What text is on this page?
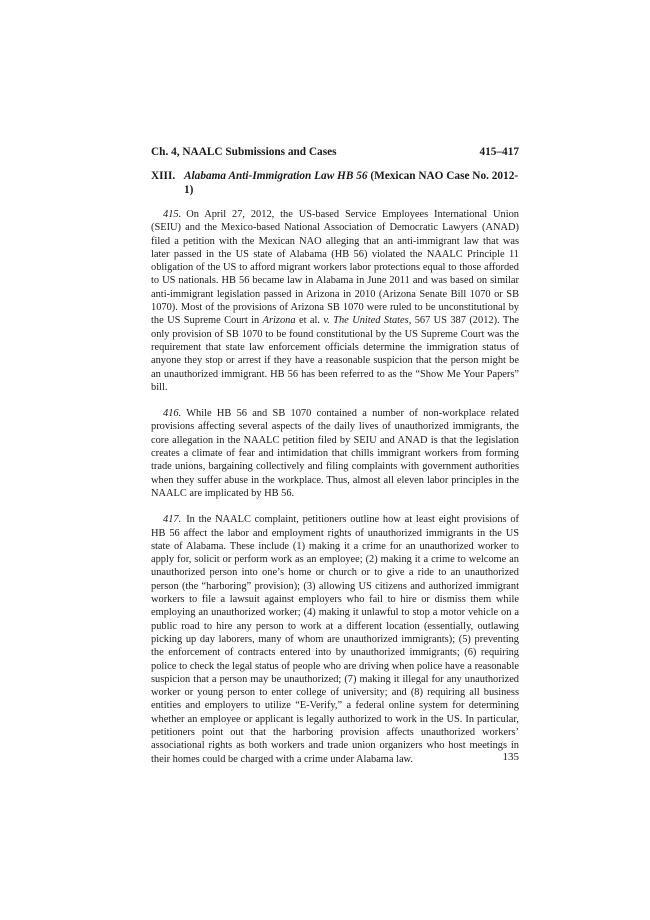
Ch. 4, NAALC Submissions and Cases	415–417
XIII. Alabama Anti-Immigration Law HB 56 (Mexican NAO Case No. 2012-1)

415. On April 27, 2012, the US-based Service Employees International Union (SEIU) and the Mexico-based National Association of Democratic Lawyers (ANAD) filed a petition with the Mexican NAO alleging that an anti-immigrant law that was later passed in the US state of Alabama (HB 56) violated the NAALC Principle 11 obligation of the US to afford migrant workers labor protections equal to those afforded to US nationals. HB 56 became law in Alabama in June 2011 and was based on similar anti-immigrant legislation passed in Arizona in 2010 (Arizona Senate Bill 1070 or SB 1070). Most of the provisions of Arizona SB 1070 were ruled to be unconstitutional by the US Supreme Court in Arizona et al. v. The United States, 567 US 387 (2012). The only provision of SB 1070 to be found constitutional by the US Supreme Court was the requirement that state law enforcement officials determine the immigration status of anyone they stop or arrest if they have a reasonable suspicion that the person might be an unauthorized immigrant. HB 56 has been referred to as the “Show Me Your Papers” bill.

416. While HB 56 and SB 1070 contained a number of non-workplace related provisions affecting several aspects of the daily lives of unauthorized immigrants, the core allegation in the NAALC petition filed by SEIU and ANAD is that the legislation creates a climate of fear and intimidation that chills immigrant workers from forming trade unions, bargaining collectively and filing complaints with government authorities when they suffer abuse in the workplace. Thus, almost all eleven labor principles in the NAALC are implicated by HB 56.

417. In the NAALC complaint, petitioners outline how at least eight provisions of HB 56 affect the labor and employment rights of unauthorized immigrants in the US state of Alabama. These include (1) making it a crime for an unauthorized worker to apply for, solicit or perform work as an employee; (2) making it a crime to welcome an unauthorized person into one’s home or church or to give a ride to an unauthorized person (the “harboring” provision); (3) allowing US citizens and authorized immigrant workers to file a lawsuit against employers who fail to hire or dismiss them while employing an unauthorized worker; (4) making it unlawful to stop a motor vehicle on a public road to hire any person to work at a different location (essentially, outlawing picking up day laborers, many of whom are unauthorized immigrants); (5) preventing the enforcement of contracts entered into by unauthorized immigrants; (6) requiring police to check the legal status of people who are driving when police have a reasonable suspicion that a person may be unauthorized; (7) making it illegal for any unauthorized worker or young person to enter college of university; and (8) requiring all business entities and employers to utilize “E-Verify,” a federal online system for determining whether an employee or applicant is legally authorized to work in the US. In particular, petitioners point out that the harboring provision affects unauthorized workers’ associational rights as both workers and trade union organizers who host meetings in their homes could be charged with a crime under Alabama law.	135
